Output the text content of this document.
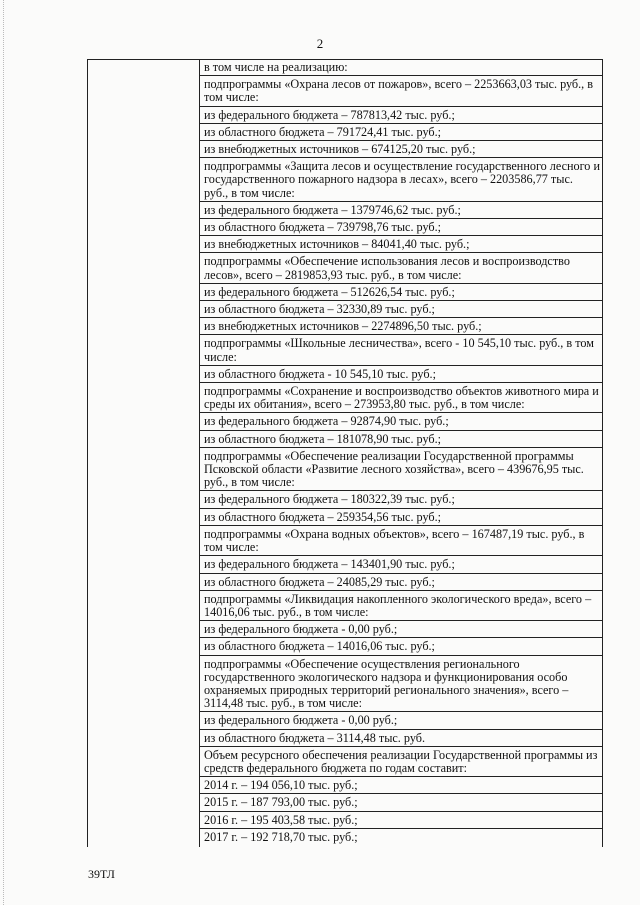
2
в том числе на реализацию:
подпрограммы «Охрана лесов от пожаров», всего – 2253663,03 тыс. руб., в том числе:
из федерального бюджета – 787813,42 тыс. руб.;
из областного бюджета – 791724,41 тыс. руб.;
из внебюджетных источников – 674125,20 тыс. руб.;
подпрограммы «Защита лесов и осуществление государственного лесного и государственного пожарного надзора в лесах», всего – 2203586,77 тыс. руб., в том числе:
из федерального бюджета – 1379746,62 тыс. руб.;
из областного бюджета – 739798,76 тыс. руб.;
из внебюджетных источников – 84041,40 тыс. руб.;
подпрограммы «Обеспечение использования лесов и воспроизводство лесов», всего – 2819853,93 тыс. руб., в том числе:
из федерального бюджета – 512626,54 тыс. руб.;
из областного бюджета – 32330,89 тыс. руб.;
из внебюджетных источников – 2274896,50 тыс. руб.;
подпрограммы «Школьные лесничества», всего - 10 545,10 тыс. руб., в том числе:
из областного бюджета - 10 545,10 тыс. руб.;
подпрограммы «Сохранение и воспроизводство объектов животного мира и среды их обитания», всего – 273953,80 тыс. руб., в том числе:
из федерального бюджета – 92874,90 тыс. руб.;
из областного бюджета – 181078,90 тыс. руб.;
подпрограммы «Обеспечение реализации Государственной программы Псковской области «Развитие лесного хозяйства», всего – 439676,95 тыс. руб., в том числе:
из федерального бюджета – 180322,39 тыс. руб.;
из областного бюджета – 259354,56 тыс. руб.;
подпрограммы «Охрана водных объектов», всего – 167487,19 тыс. руб., в том числе:
из федерального бюджета – 143401,90 тыс. руб.;
из областного бюджета – 24085,29 тыс. руб.;
подпрограммы «Ликвидация накопленного экологического вреда», всего – 14016,06 тыс. руб., в том числе:
из федерального бюджета - 0,00 руб.;
из областного бюджета – 14016,06 тыс. руб.;
подпрограммы «Обеспечение осуществления регионального государственного экологического надзора и функционирования особо охраняемых природных территорий регионального значения», всего – 3114,48 тыс. руб., в том числе:
из федерального бюджета - 0,00 руб.;
из областного бюджета – 3114,48 тыс. руб.
Объем ресурсного обеспечения реализации Государственной программы из средств федерального бюджета по годам составит:
2014 г. – 194 056,10 тыс. руб.;
2015 г. – 187 793,00 тыс. руб.;
2016 г. – 195 403,58 тыс. руб.;
2017 г. – 192 718,70 тыс. руб.;
39ТЛ
